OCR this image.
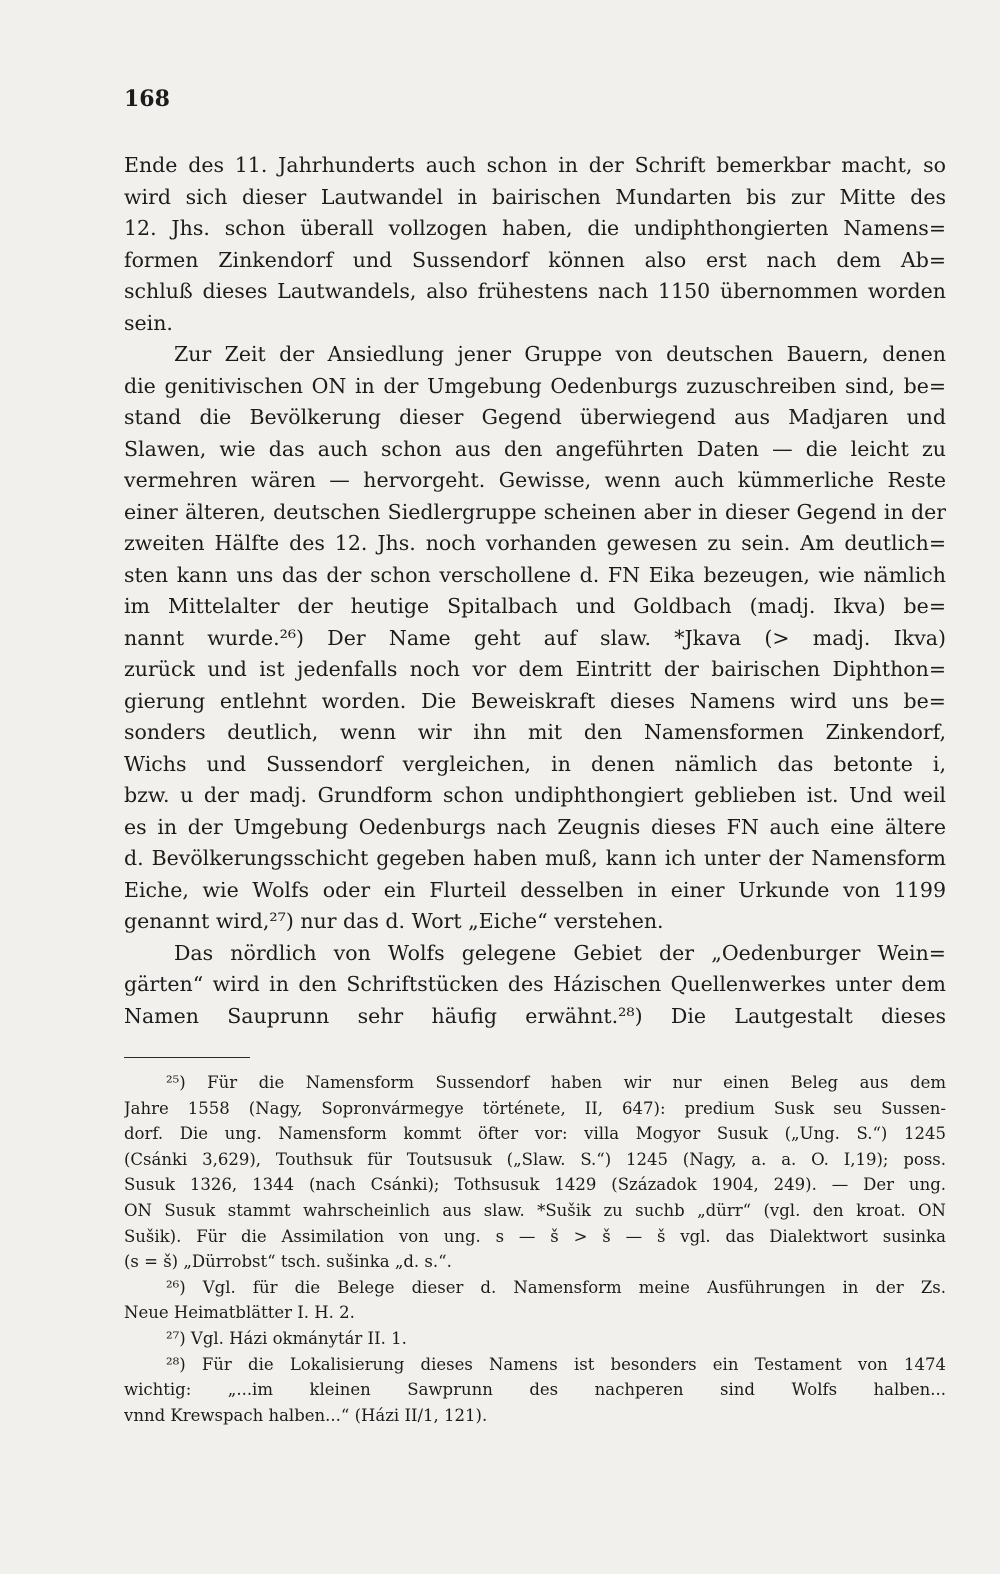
168
Ende des 11. Jahrhunderts auch schon in der Schrift bemerkbar macht, so
wird sich dieser Lautwandel in bairischen Mundarten bis zur Mitte des
12. Jhs. schon überall vollzogen haben, die undiphthongierten Namens=
formen Zinkendorf und Sussendorf können also erst nach dem Ab=
schluß dieses Lautwandels, also frühestens nach 1150 übernommen worden
sein.
Zur Zeit der Ansiedlung jener Gruppe von deutschen Bauern, denen
die genitivischen ON in der Umgebung Oedenburgs zuzuschreiben sind, be=
stand die Bevölkerung dieser Gegend überwiegend aus Madjaren und
Slawen, wie das auch schon aus den angeführten Daten — die leicht zu
vermehren wären — hervorgeht. Gewisse, wenn auch kümmerliche Reste
einer älteren, deutschen Siedlergruppe scheinen aber in dieser Gegend in der
zweiten Hälfte des 12. Jhs. noch vorhanden gewesen zu sein. Am deutlich=
sten kann uns das der schon verschollene d. FN Eika bezeugen, wie nämlich
im Mittelalter der heutige Spitalbach und Goldbach (madj. Ikva) be=
nannt wurde.²⁶) Der Name geht auf slaw. *Jkava (> madj. Ikva)
zurück und ist jedenfalls noch vor dem Eintritt der bairischen Diphthon=
gierung entlehnt worden. Die Beweiskraft dieses Namens wird uns be=
sonders deutlich, wenn wir ihn mit den Namensformen Zinkendorf,
Wichs und Sussendorf vergleichen, in denen nämlich das betonte i,
bzw. u der madj. Grundform schon undiphthongiert geblieben ist. Und weil
es in der Umgebung Oedenburgs nach Zeugnis dieses FN auch eine ältere
d. Bevölkerungsschicht gegeben haben muß, kann ich unter der Namensform
Eiche, wie Wolfs oder ein Flurteil desselben in einer Urkunde von 1199
genannt wird,²⁷) nur das d. Wort „Eiche“ verstehen.
Das nördlich von Wolfs gelegene Gebiet der „Oedenburger Wein=
gärten“ wird in den Schriftstücken des Házischen Quellenwerkes unter dem
Namen Sauprunn sehr häufig erwähnt.²⁸) Die Lautgestalt dieses
²⁵) Für die Namensform Sussendorf haben wir nur einen Beleg aus dem
Jahre 1558 (Nagy, Sopronvármegye története, II, 647): predium Susk seu Sussen-
dorf. Die ung. Namensform kommt öfter vor: villa Mogyor Susuk („Ung. S.“) 1245
(Csánki 3,629), Touthsuk für Toutsusuk („Slaw. S.“) 1245 (Nagy, a. a. O. I,19); poss.
Susuk 1326, 1344 (nach Csánki); Tothsusuk 1429 (Századok 1904, 249). — Der ung.
ON Susuk stammt wahrscheinlich aus slaw. *Sušik zu suchb „dürr“ (vgl. den kroat. ON
Sušik). Für die Assimilation von ung. s — š > š — š vgl. das Dialektwort susinka
(s = š) „Dürrobst“ tsch. sušinka „d. s.“.
²⁶) Vgl. für die Belege dieser d. Namensform meine Ausführungen in der Zs.
Neue Heimatblätter I. H. 2.
²⁷) Vgl. Házi okmánytár II. 1.
²⁸) Für die Lokalisierung dieses Namens ist besonders ein Testament von 1474
wichtig: „...im kleinen Sawprunn des nachperen sind Wolfs halben...
vnnd Krewspach halben...“ (Házi II/1, 121).
